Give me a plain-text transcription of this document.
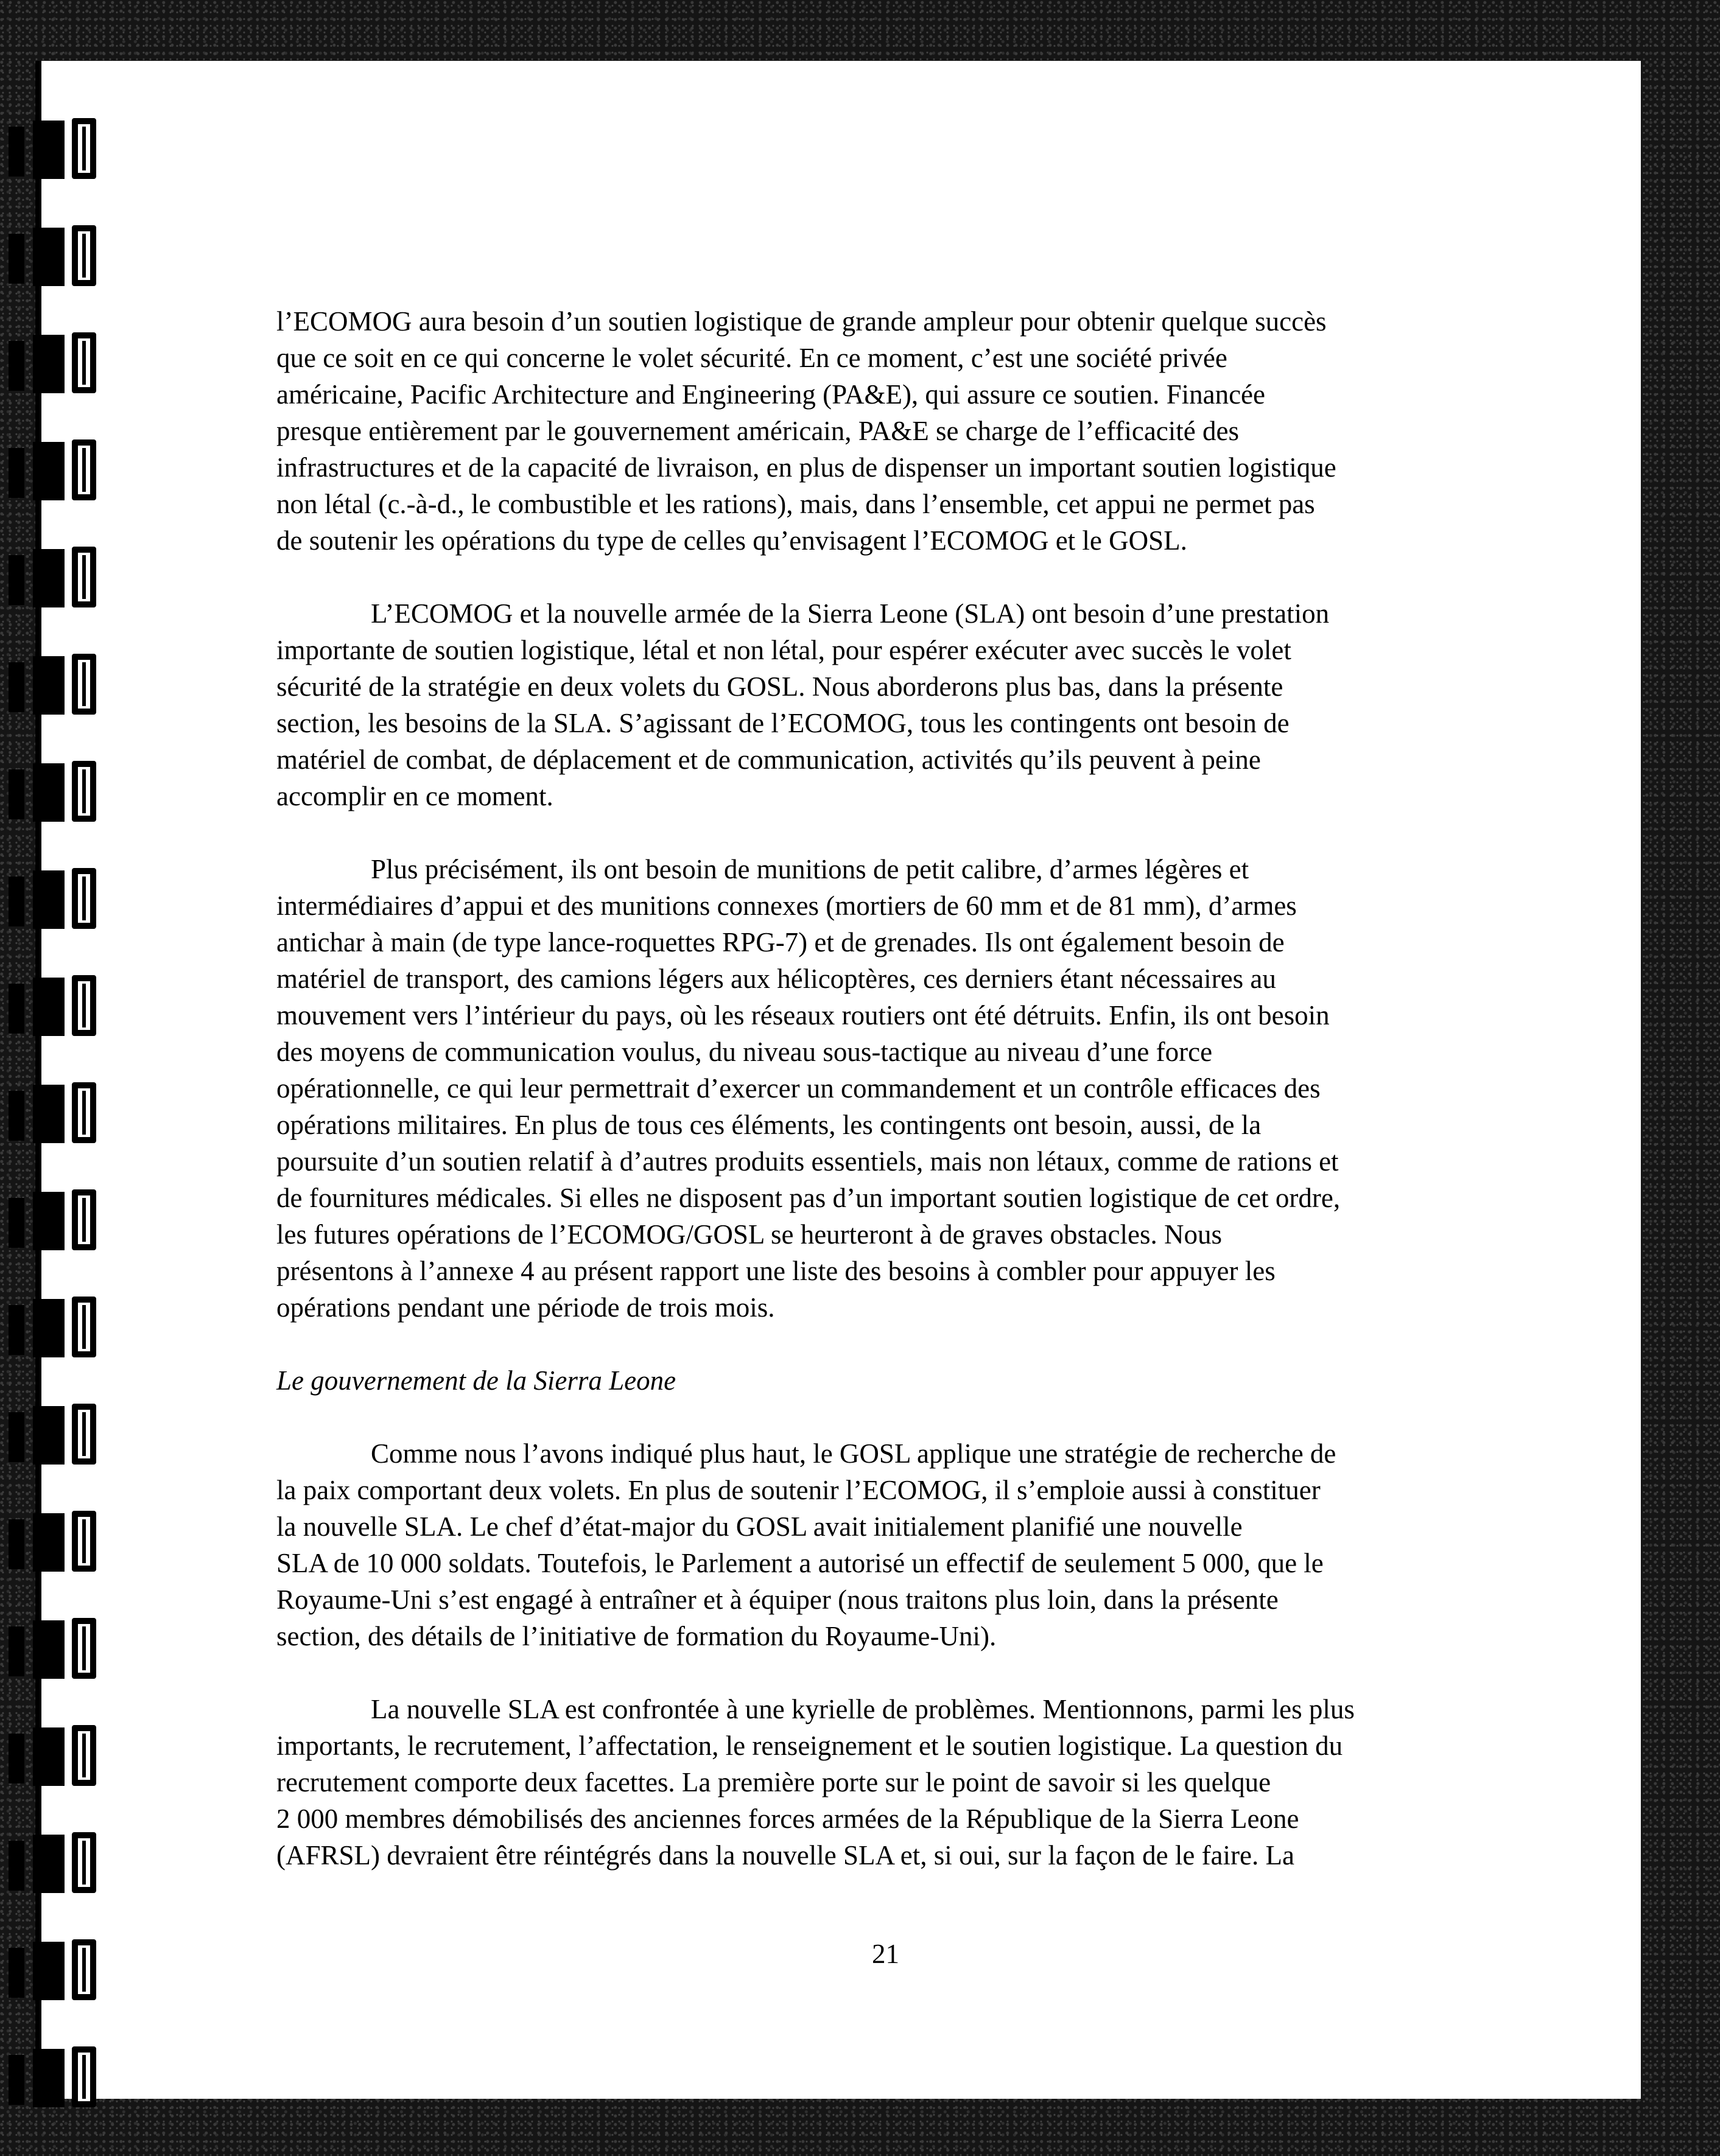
l’ECOMOG aura besoin d’un soutien logistique de grande ampleur pour obtenir quelque succès
que ce soit en ce qui concerne le volet sécurité. En ce moment, c’est une société privée
américaine, Pacific Architecture and Engineering (PA&E), qui assure ce soutien. Financée
presque entièrement par le gouvernement américain, PA&E se charge de l’efficacité des
infrastructures et de la capacité de livraison, en plus de dispenser un important soutien logistique
non létal (c.-à-d., le combustible et les rations), mais, dans l’ensemble, cet appui ne permet pas
de soutenir les opérations du type de celles qu’envisagent l’ECOMOG et le GOSL.
L’ECOMOG et la nouvelle armée de la Sierra Leone (SLA) ont besoin d’une prestation
importante de soutien logistique, létal et non létal, pour espérer exécuter avec succès le volet
sécurité de la stratégie en deux volets du GOSL. Nous aborderons plus bas, dans la présente
section, les besoins de la SLA. S’agissant de l’ECOMOG, tous les contingents ont besoin de
matériel de combat, de déplacement et de communication, activités qu’ils peuvent à peine
accomplir en ce moment.
Plus précisément, ils ont besoin de munitions de petit calibre, d’armes légères et
intermédiaires d’appui et des munitions connexes (mortiers de 60 mm et de 81 mm), d’armes
antichar à main (de type lance-roquettes RPG-7) et de grenades. Ils ont également besoin de
matériel de transport, des camions légers aux hélicoptères, ces derniers étant nécessaires au
mouvement vers l’intérieur du pays, où les réseaux routiers ont été détruits. Enfin, ils ont besoin
des moyens de communication voulus, du niveau sous-tactique au niveau d’une force
opérationnelle, ce qui leur permettrait d’exercer un commandement et un contrôle efficaces des
opérations militaires. En plus de tous ces éléments, les contingents ont besoin, aussi, de la
poursuite d’un soutien relatif à d’autres produits essentiels, mais non létaux, comme de rations et
de fournitures médicales. Si elles ne disposent pas d’un important soutien logistique de cet ordre,
les futures opérations de l’ECOMOG/GOSL se heurteront à de graves obstacles. Nous
présentons à l’annexe 4 au présent rapport une liste des besoins à combler pour appuyer les
opérations pendant une période de trois mois.
Le gouvernement de la Sierra Leone
Comme nous l’avons indiqué plus haut, le GOSL applique une stratégie de recherche de
la paix comportant deux volets. En plus de soutenir l’ECOMOG, il s’emploie aussi à constituer
la nouvelle SLA. Le chef d’état-major du GOSL avait initialement planifié une nouvelle
SLA de 10 000 soldats. Toutefois, le Parlement a autorisé un effectif de seulement 5 000, que le
Royaume-Uni s’est engagé à entraîner et à équiper (nous traitons plus loin, dans la présente
section, des détails de l’initiative de formation du Royaume-Uni).
La nouvelle SLA est confrontée à une kyrielle de problèmes. Mentionnons, parmi les plus
importants, le recrutement, l’affectation, le renseignement et le soutien logistique. La question du
recrutement comporte deux facettes. La première porte sur le point de savoir si les quelque
2 000 membres démobilisés des anciennes forces armées de la République de la Sierra Leone
(AFRSL) devraient être réintégrés dans la nouvelle SLA et, si oui, sur la façon de le faire. La
21
